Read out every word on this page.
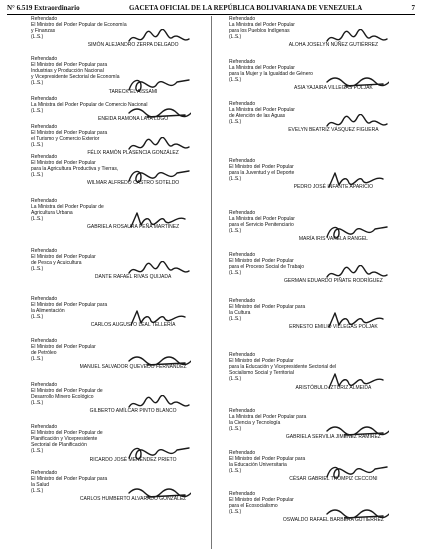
N° 6.519 Extraordinario	GACETA OFICIAL DE LA REPÚBLICA BOLIVARIANA DE VENEZUELA	7
Refrendado
El Ministro del Poder Popular de Economía
y Finanzas
(L.S.)
SIMÓN ALEJANDRO ZERPA DELGADO
Refrendado
El Ministro del Poder Popular para
Industrias y Producción Nacional
y Vicepresidente Sectorial de Economía
(L.S.)
TARECK EL AISSAMI
Refrendado
La Ministra del Poder Popular de Comercio Nacional
(L.S.)
ENEIDA RAMONA LAYA LUGO
Refrendado
El Ministro del Poder Popular para
el Turismo y Comercio Exterior
(L.S.)
FÉLIX RAMÓN PLASENCIA GONZÁLEZ
Refrendado
El Ministro del Poder Popular
para la Agricultura Productiva y Tierras,
(L.S.)
WILMAR ALFREDO CASTRO SOTELDO
Refrendado
La Ministra del Poder Popular de
Agricultura Urbana
(L.S.)
GABRIELA ROSAURA PEÑA MARTÍNEZ
Refrendado
El Ministro del Poder Popular
de Pesca y Acuicultura
(L.S.)
DANTE RAFAEL RIVAS QUIJADA
Refrendado
El Ministro del Poder Popular para
la Alimentación
(L.S.)
CARLOS AUGUSTO LEAL TELLERÍA
Refrendado
El Ministro del Poder Popular
de Petróleo
(L.S.)
MANUEL SALVADOR QUEVEDO FERNÁNDEZ
Refrendado
El Ministro del Poder Popular de
Desarrollo Minero Ecológico
(L.S.)
GILBERTO AMÍLCAR PINTO BLANCO
Refrendado
El Ministro del Poder Popular de
Planificación y Vicepresidente
Sectorial de Planificación
(L.S.)
RICARDO JOSÉ MENÉNDEZ PRIETO
Refrendado
El Ministro del Poder Popular para
la Salud
(L.S.)
CARLOS HUMBERTO ALVARADO GONZÁLEZ
Refrendado
La Ministra del Poder Popular
para los Pueblos Indígenas
(L.S.)
ALOHA JOSELYN NÚÑEZ GUTIÉRREZ
Refrendado
La Ministra del Poder Popular
para la Mujer y la Igualdad de Género
(L.S.)
ASIA YAJAIRA VILLEGAS POLJAK
Refrendado
La Ministra del Poder Popular
de Atención de las Aguas
(L.S.)
EVELYN BEATRIZ VÁSQUEZ FIGUERA
Refrendado
El Ministro del Poder Popular
para la Juventud y el Deporte
(L.S.)
PEDRO JOSÉ INFANTE APARICIO
Refrendado
La Ministra del Poder Popular
para el Servicio Penitenciario
(L.S.)
MARÍA IRIS VARELA RANGEL
Refrendado
El Ministro del Poder Popular
para el Proceso Social de Trabajo
(L.S.)
GERMAN EDUARDO PIÑATE RODRÍGUEZ
Refrendado
El Ministro del Poder Popular para
la Cultura
(L.S.)
ERNESTO EMILIO VILLEGAS POLJAK
Refrendado
El Ministro del Poder Popular
para la Educación y Vicepresidente Sectorial del
Socialismo Social y Territorial
(L.S.)
ARISTÓBULO IZTÚRIZ ALMEIDA
Refrendado
La Ministra del Poder Popular para
la Ciencia y Tecnología
(L.S.)
GABRIELA SERVILIA JIMÉNEZ RAMÍREZ
Refrendado
El Ministro del Poder Popular para
la Educación Universitaria
(L.S.)
CÉSAR GABRIEL TRÓMPIZ CECCONI
Refrendado
El Ministro del Poder Popular
para el Ecosocialismo
(L.S.)
OSWALDO RAFAEL BARBERA GUTIÉRREZ
